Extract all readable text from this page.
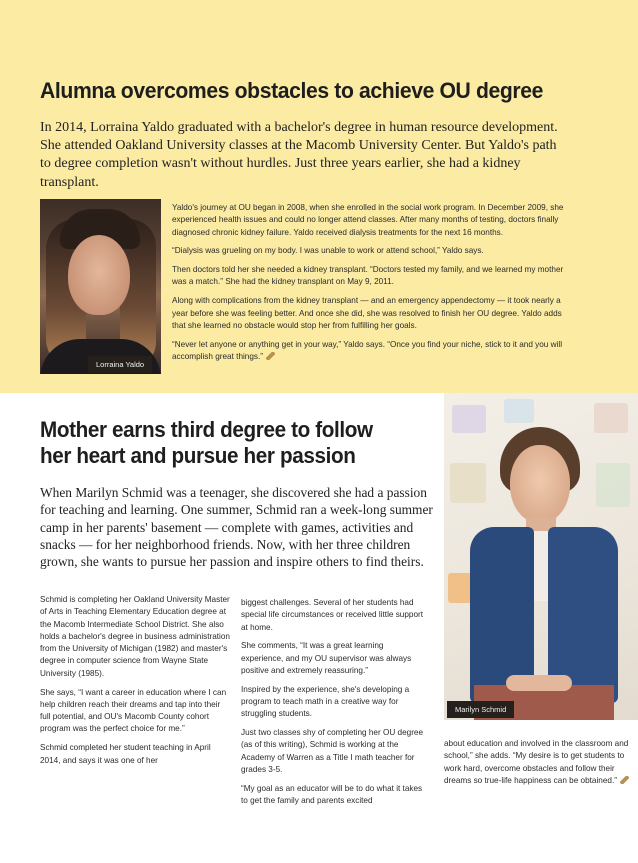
Alumna overcomes obstacles to achieve OU degree

In 2014, Lorraina Yaldo graduated with a bachelor's degree in human resource development. She attended Oakland University classes at the Macomb University Center. But Yaldo's path to degree completion wasn't without hurdles. Just three years earlier, she had a kidney transplant.

Lorraina Yaldo

Yaldo's journey at OU began in 2008, when she enrolled in the social work program. In December 2009, she experienced health issues and could no longer attend classes. After many months of testing, doctors finally diagnosed chronic kidney failure. Yaldo received dialysis treatments for the next 16 months.

“Dialysis was grueling on my body. I was unable to work or attend school,” Yaldo says.

Then doctors told her she needed a kidney transplant. “Doctors tested my family, and we learned my mother was a match.” She had the kidney transplant on May 9, 2011.

Along with complications from the kidney transplant — and an emergency appendectomy — it took nearly a year before she was feeling better. And once she did, she was resolved to finish her OU degree. Yaldo adds that she learned no obstacle would stop her from fulfilling her goals.

“Never let anyone or anything get in your way,” Yaldo says. “Once you find your niche, stick to it and you will accomplish great things.”

Mother earns third degree to follow her heart and pursue her passion

When Marilyn Schmid was a teenager, she discovered she had a passion for teaching and learning. One summer, Schmid ran a week-long summer camp in her parents' basement — complete with games, activities and snacks — for her neighborhood friends. Now, with her three children grown, she wants to pursue her passion and inspire others to find theirs.

Marilyn Schmid

Schmid is completing her Oakland University Master of Arts in Teaching Elementary Education degree at the Macomb Intermediate School District. She also holds a bachelor's degree in business administration from the University of Michigan (1982) and master's degree in computer science from Wayne State University (1985).

She says, “I want a career in education where I can help children reach their dreams and tap into their full potential, and OU's Macomb County cohort program was the perfect choice for me.”

Schmid completed her student teaching in April 2014, and says it was one of her

biggest challenges. Several of her students had special life circumstances or received little support at home.

She comments, “It was a great learning experience, and my OU supervisor was always positive and extremely reassuring.”

Inspired by the experience, she's developing a program to teach math in a creative way for struggling students.

Just two classes shy of completing her OU degree (as of this writing), Schmid is working at the Academy of Warren as a Title I math teacher for grades 3-5.

“My goal as an educator will be to do what it takes to get the family and parents excited

about education and involved in the classroom and school,” she adds. “My desire is to get students to work hard, overcome obstacles and follow their dreams so true-life happiness can be obtained.”
